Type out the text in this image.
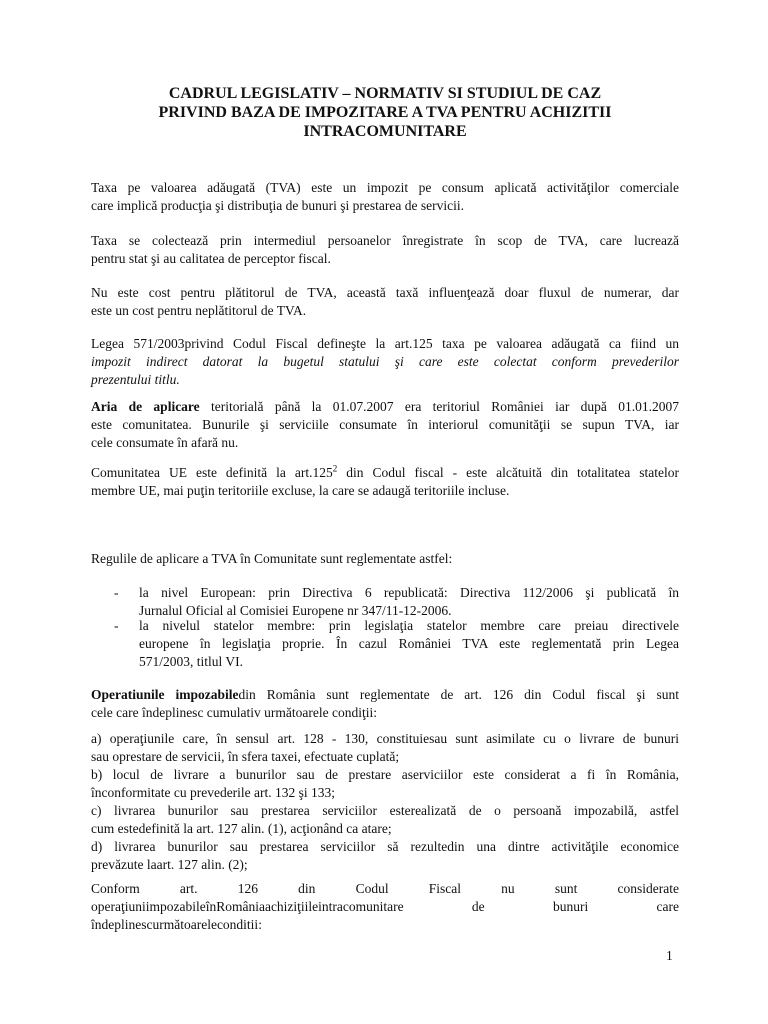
CADRUL LEGISLATIV – NORMATIV SI STUDIUL DE CAZ
PRIVIND BAZA DE IMPOZITARE A TVA PENTRU ACHIZITII
INTRACOMUNITARE
Taxa pe valoarea adăugată (TVA) este un impozit pe consum aplicată activităţilor comerciale
care implică producţia şi distribuţia de bunuri şi prestarea de servicii.
Taxa se colectează prin intermediul persoanelor înregistrate în scop de TVA, care lucrează
pentru stat şi au calitatea de perceptor fiscal.
Nu este cost pentru plătitorul de TVA, această taxă influenţează doar fluxul de numerar, dar
este un cost pentru neplătitorul de TVA.
Legea 571/2003privind Codul Fiscal defineşte la art.125 taxa pe valoarea adăugată ca fiind un
impozit indirect datorat la bugetul statului şi care este colectat conform prevederilor
prezentului titlu.
Aria de aplicare teritorială până la 01.07.2007 era teritoriul României iar după 01.01.2007
este comunitatea. Bunurile şi serviciile consumate în interiorul comunităţii se supun TVA, iar
cele consumate în afară nu.
Comunitatea UE este definită la art.125$^2$ din Codul fiscal - este alcătuită din totalitatea statelor
membre UE, mai puţin teritoriile excluse, la care se adaugă teritoriile incluse.
Regulile de aplicare a TVA în Comunitate sunt reglementate astfel:
- la nivel European: prin Directiva 6 republicată: Directiva 112/2006 şi publicată în
Jurnalul Oficial al Comisiei Europene nr 347/11-12-2006.
- la nivelul statelor membre: prin legislaţia statelor membre care preiau directivele
europene în legislaţia proprie. În cazul României TVA este reglementată prin Legea
571/2003, titlul VI.
Operatiunile impozabiledin România sunt reglementate de art. 126 din Codul fiscal şi sunt
cele care îndeplinesc cumulativ următoarele condiţii:
a) operaţiunile care, în sensul art. 128 - 130, constituiesau sunt asimilate cu o livrare de bunuri
sau oprestare de servicii, în sfera taxei, efectuate cuplată;
b) locul de livrare a bunurilor sau de prestare aserviciilor este considerat a fi în România,
înconformitate cu prevederile art. 132 şi 133;
c) livrarea bunurilor sau prestarea serviciilor esterealizată de o persoană impozabilă, astfel
cum estedefinită la art. 127 alin. (1), acţionând ca atare;
d) livrarea bunurilor sau prestarea serviciilor să rezultedin una dintre activităţile economice
prevăzute laart. 127 alin. (2);
Conform art. 126 din Codul Fiscal nu sunt considerate
operaţiuniimpozabileînRomâniaachiziţiileintracomunitare de bunuri care
îndeplinescurmătoareleconditii:
1
